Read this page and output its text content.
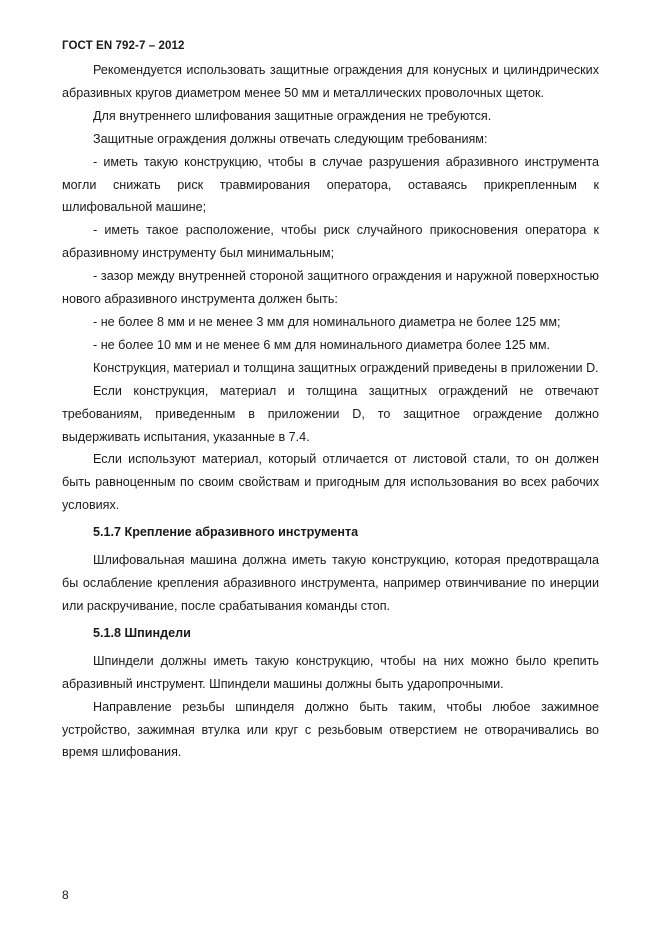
ГОСТ EN 792-7 – 2012

Рекомендуется использовать защитные ограждения для конусных и цилиндрических абразивных кругов диаметром менее 50 мм и металлических проволочных щеток.

Для внутреннего шлифования защитные ограждения не требуются.

Защитные ограждения должны отвечать следующим требованиям:

- иметь такую конструкцию, чтобы в случае разрушения абразивного инструмента могли снижать риск травмирования оператора, оставаясь прикрепленным к шлифовальной машине;

- иметь такое расположение, чтобы риск случайного прикосновения оператора к абразивному инструменту был минимальным;

- зазор между внутренней стороной защитного ограждения и наружной поверхностью нового абразивного инструмента должен быть:

- не более 8 мм и не менее 3 мм для номинального диаметра не более 125 мм;

- не более 10 мм и не менее 6 мм для номинального диаметра более 125 мм.

Конструкция, материал и толщина защитных ограждений приведены в приложении D.

Если конструкция, материал и толщина защитных ограждений не отвечают требованиям, приведенным в приложении D, то защитное ограждение должно выдерживать испытания, указанные в 7.4.

Если используют материал, который отличается от листовой стали, то он должен быть равноценным по своим свойствам и пригодным для использования во всех рабочих условиях.

5.1.7 Крепление абразивного инструмента

Шлифовальная машина должна иметь такую конструкцию, которая предотвращала бы ослабление крепления абразивного инструмента, например отвинчивание по инерции или раскручивание, после срабатывания команды стоп.

5.1.8 Шпиндели

Шпиндели должны иметь такую конструкцию, чтобы на них можно было крепить абразивный инструмент. Шпиндели машины должны быть ударопрочными.

Направление резьбы шпинделя должно быть таким, чтобы любое зажимное устройство, зажимная втулка или круг с резьбовым отверстием не отворачивались во время шлифования.

8
